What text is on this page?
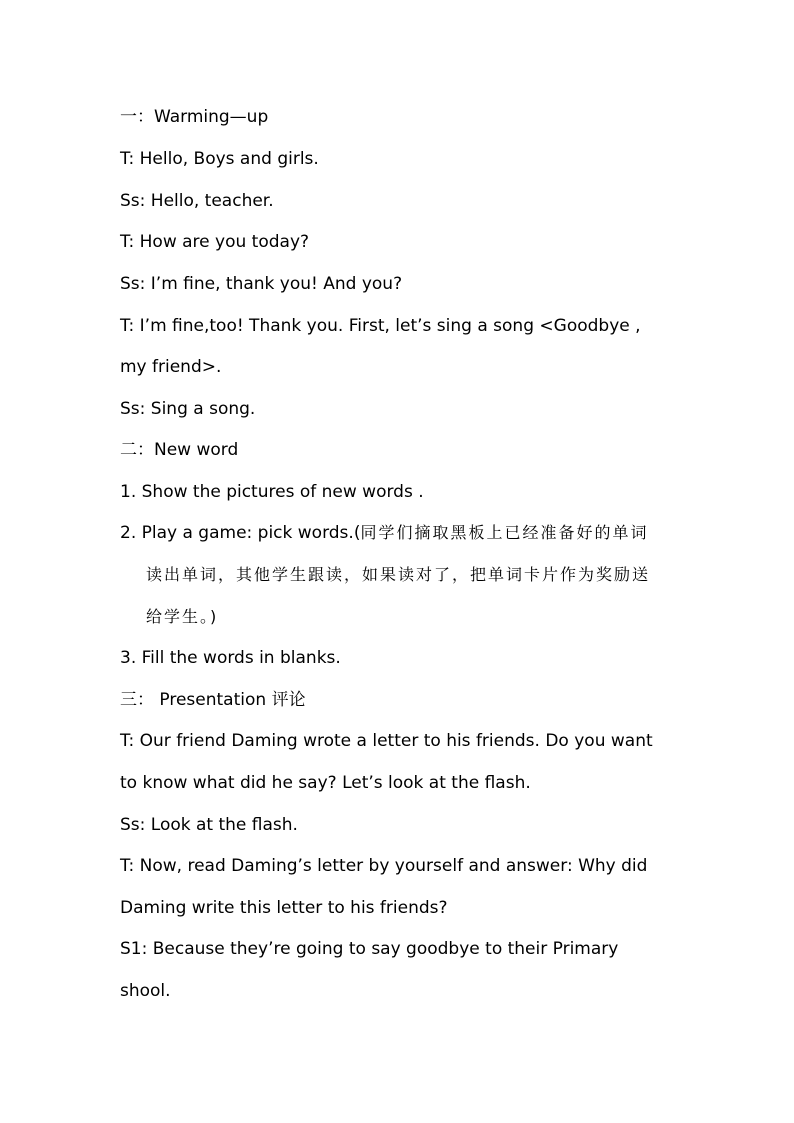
一：Warming—up
T: Hello, Boys and girls.
Ss: Hello, teacher.
T: How are you today?
Ss: I’m fine, thank you! And you?
T: I’m fine,too! Thank you. First, let’s sing a song <Goodbye ,
my friend>.
Ss: Sing a song.
二：New word
1. Show the pictures of new words .
2. Play a game: pick words.(同学们摘取黑板上已经准备好的单词
读出单词，其他学生跟读，如果读对了，把单词卡片作为奖励送
给学生。)
3. Fill the words in blanks.
三： Presentation 评论
T: Our friend Daming wrote a letter to his friends. Do you want
to know what did he say? Let’s look at the flash.
Ss: Look at the flash.
T: Now, read Daming’s letter by yourself and answer: Why did
Daming write this letter to his friends?
S1: Because they’re going to say goodbye to their Primary
shool.
